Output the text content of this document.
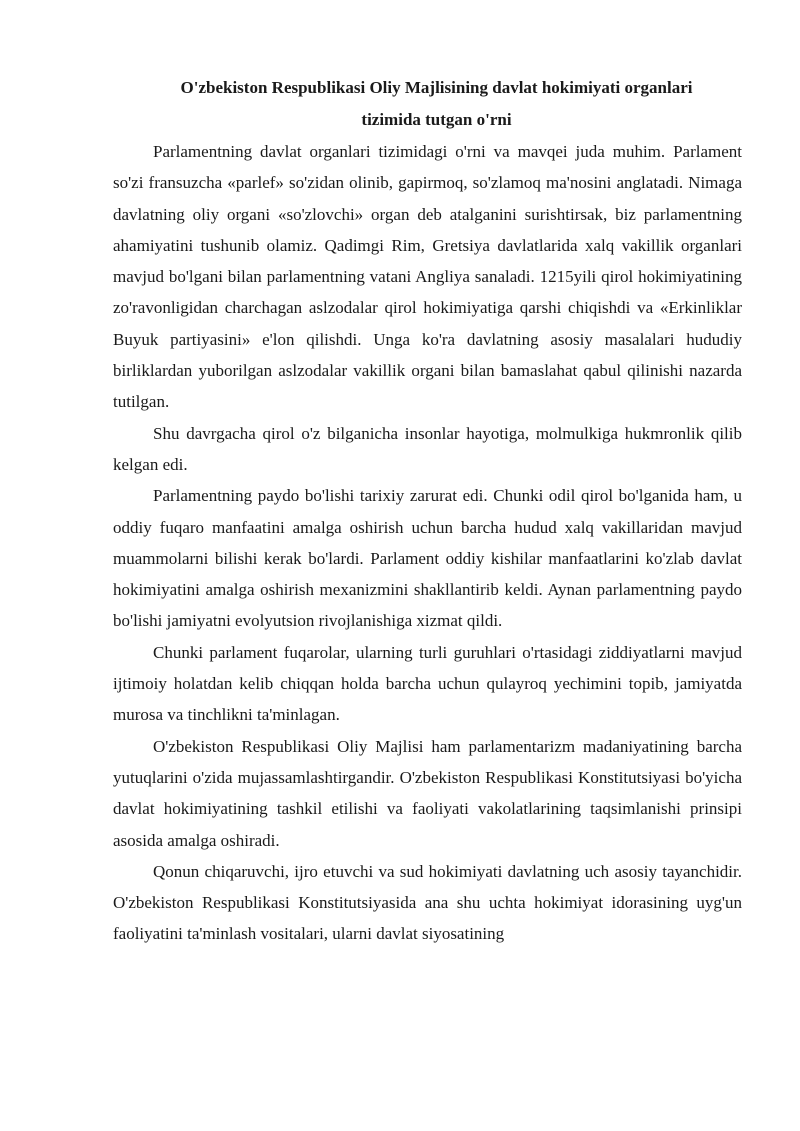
O'zbekiston Respublikasi Oliy Majlisining davlat hokimiyati organlari
tizimida tutgan o'rni

Parlamentning davlat organlari tizimidagi o'rni va mavqei juda muhim. Parlament so'zi fransuzcha «parlef» so'zidan olinib, gapirmoq, so'zlamoq ma'nosini anglatadi. Nimaga davlatning oliy organi «so'zlovchi» organ deb atalganini surishtirsak, biz parlamentning ahamiyatini tushunib olamiz. Qadimgi Rim, Gretsiya davlatlarida xalq vakillik organlari mavjud bo'lgani bilan parlamentning vatani Angliya sanaladi. 1215yili qirol hokimiyatining zo'ravonligidan charchagan aslzodalar qirol hokimiyatiga qarshi chiqishdi va «Erkinliklar Buyuk partiyasini» e'lon qilishdi. Unga ko'ra davlatning asosiy masalalari hududiy birliklardan yuborilgan aslzodalar vakillik organi bilan bamaslahat qabul qilinishi nazarda tutilgan.

Shu davrgacha qirol o'z bilganicha insonlar hayotiga, molmulkiga hukmronlik qilib kelgan edi.

Parlamentning paydo bo'lishi tarixiy zarurat edi. Chunki odil qirol bo'lganida ham, u oddiy fuqaro manfaatini amalga oshirish uchun barcha hudud xalq vakillaridan mavjud muammolarni bilishi kerak bo'lardi. Parlament oddiy kishilar manfaatlarini ko'zlab davlat hokimiyatini amalga oshirish mexanizmini shakllantirib keldi. Aynan parlamentning paydo bo'lishi jamiyatni evolyutsion rivojlanishiga xizmat qildi.

Chunki parlament fuqarolar, ularning turli guruhlari o'rtasidagi ziddiyatlarni mavjud ijtimoiy holatdan kelib chiqqan holda barcha uchun qulayroq yechimini topib, jamiyatda murosa va tinchlikni ta'minlagan.

O'zbekiston Respublikasi Oliy Majlisi ham parlamentarizm madaniyatining barcha yutuqlarini o'zida mujassamlashtirgandir. O'zbekiston Respublikasi Konstitutsiyasi bo'yicha davlat hokimiyatining tashkil etilishi va faoliyati vakolatlarining taqsimlanishi prinsipi asosida amalga oshiradi.

Qonun chiqaruvchi, ijro etuvchi va sud hokimiyati davlatning uch asosiy tayanchidir. O'zbekiston Respublikasi Konstitutsiyasida ana shu uchta hokimiyat idorasining uyg'un faoliyatini ta'minlash vositalari, ularni davlat siyosatining
